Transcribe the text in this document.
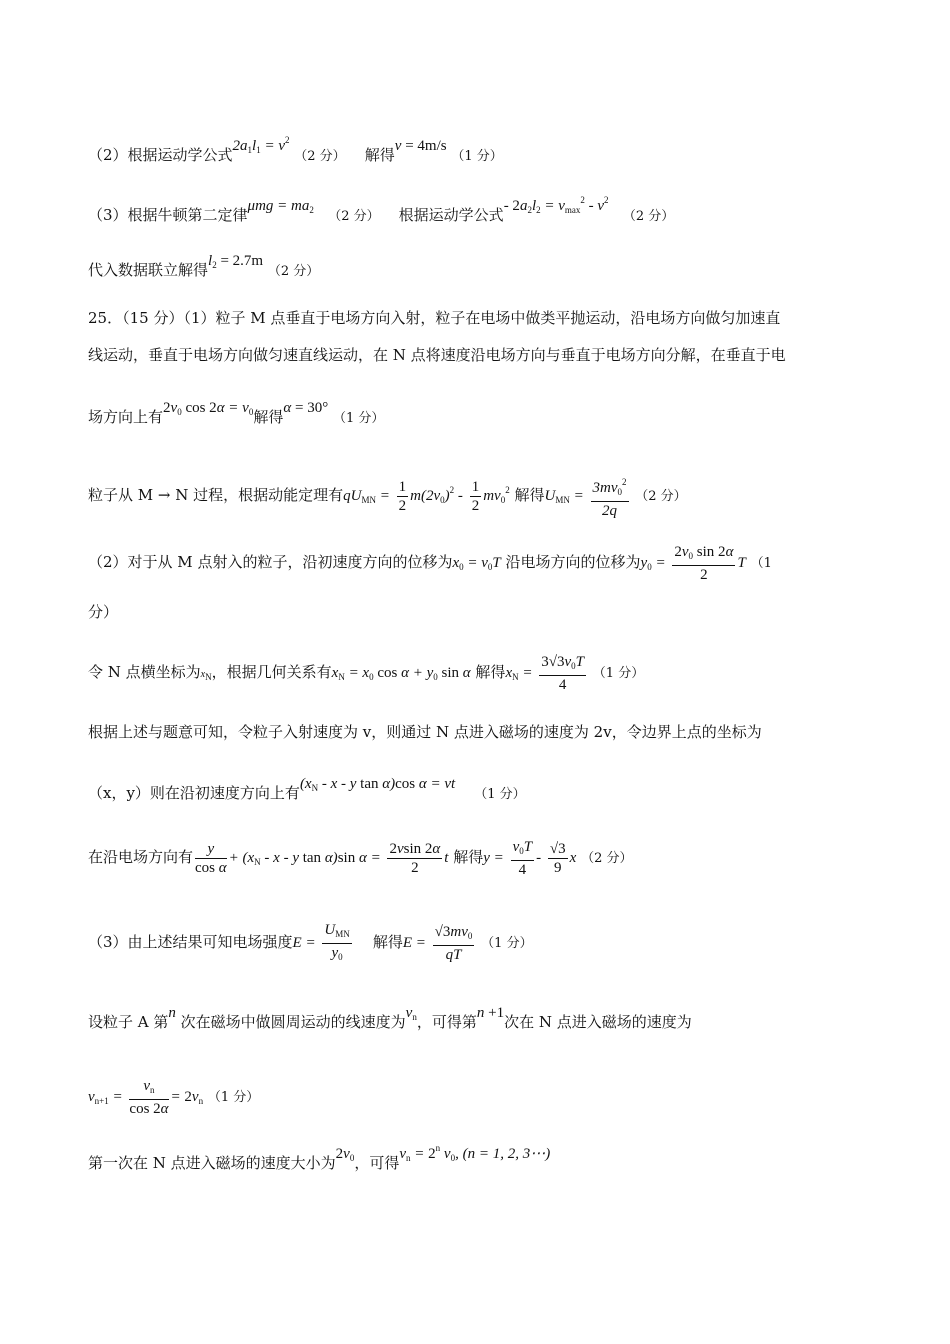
（2）根据运动学公式$2a_1l_1 = v^2$ （2 分） 解得v = 4m/s （1 分）
（3）根据牛顿第二定律$\mu mg = ma_2$ （2 分） 根据运动学公式- $2a_2l_2 = v_{max}^2 - v^2$   （2 分）
代入数据联立解得$l_2 = 2.7m$ （2 分）
25．（15 分）（1）粒子 M 点垂直于电场方向入射，粒子在电场中做类平抛运动，沿电场方向做匀加速直
线运动，垂直于电场方向做匀速直线运动，在 N 点将速度沿电场方向与垂直于电场方向分解，在垂直于电
场方向上有$2v_0$ $\cos 2\alpha = v_0$解得α = 30° （1 分）
粒子从 M → N 过程，根据动能定理有$qU_{MN} = \frac{1}{2} m(2v_0)^2 - \frac{1}{2} mv_0^2$ 解得$U_{MN} = \frac{3mv_0^2}{2q} (2$ 分）
（2）对于从 M 点射入的粒子，沿初速度方向的位移为$x_0 = v_0T$ 沿电场方向的位移为$y_0 = \frac{2v_0 \sin 2\alpha}{2}$ T （1
分）
令 N 点横坐标为xN，根据几何关系有$x_N = x_0$ $\cos \alpha + y_0$ sin α 解得$x_N = \frac{3√3v_0T}{4} (1$ 分）
根据上述与题意可知，令粒子入射速度为 v，则通过 N 点进入磁场的速度为 2v，令边界上点的坐标为
（x，y）则在沿初速度方向上有($x_N$ - x - y tan α)cos α = vt    （1 分）
在沿电场方向有 $\frac{y}{\text{cos α}} + (x_N - x - y$ tan α)sin $\alpha = \frac{2vsin 2\alpha}{2}$ t 解得$y = \frac{v_0T}{4} - \frac{√3}{9}$ x （2 分）
（3）由上述结果可知电场强度E =
$U_{MN}$
$y_0$
解得$E = \frac{√3mv_0}{qT} (1$ 分）
设粒子 A 第n 次在磁场中做圆周运动的线速度为$v_n$，可得第n +1次在 N 点进入磁场的速度为
$v_{n+1} = \frac{v_n}{\cos 2\alpha} = 2v_n$ （1 分）
第一次在 N 点进入磁场的速度大小为$2v_0$，可得$v_n = 2^n$ $v_0$, (n = 1, 2, 3⋯)
